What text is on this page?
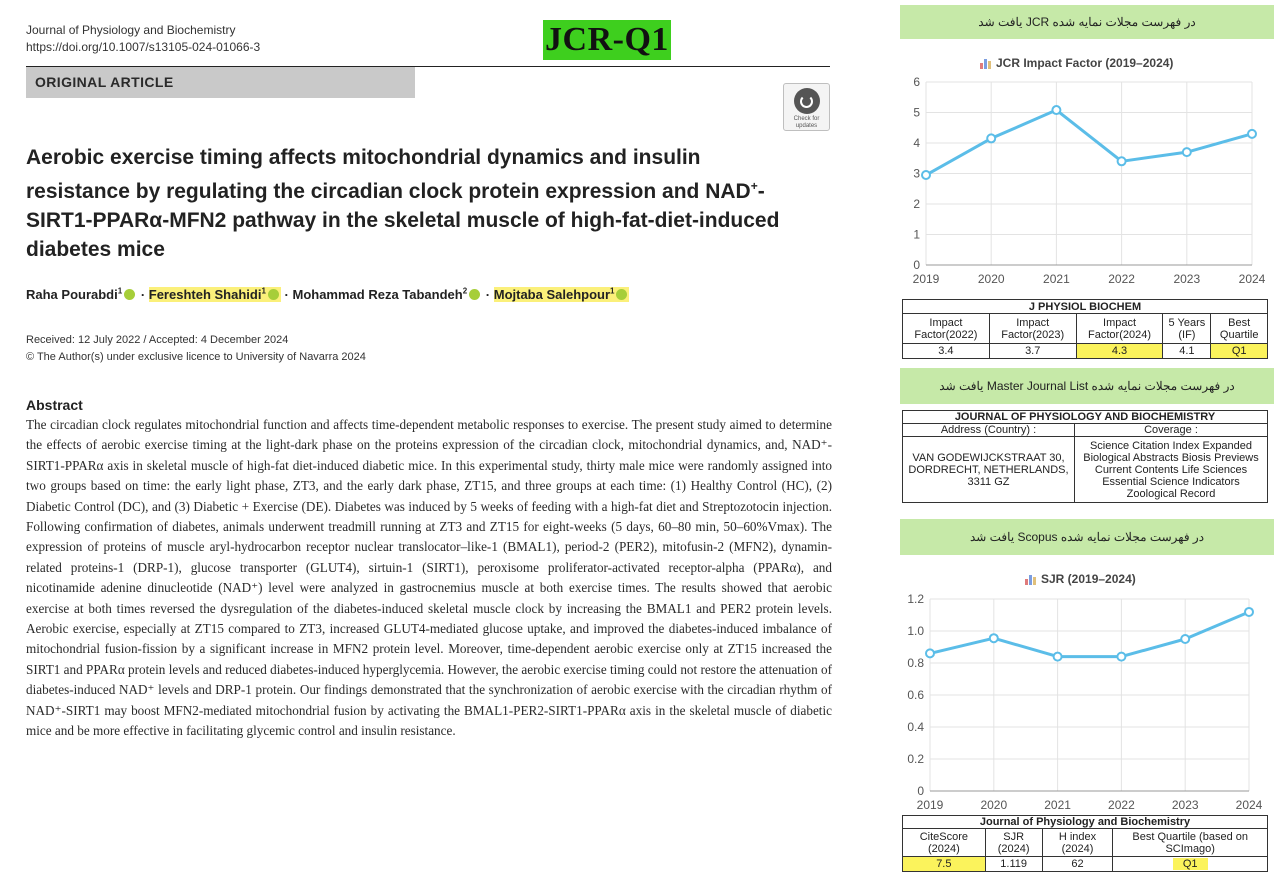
Journal of Physiology and Biochemistry
https://doi.org/10.1007/s13105-024-01066-3	JCR-Q1
ORIGINAL ARTICLE
Check for updates
Aerobic exercise timing affects mitochondrial dynamics and insulin resistance by regulating the circadian clock protein expression and NAD+-SIRT1-PPARα-MFN2 pathway in the skeletal muscle of high-fat-diet-induced diabetes mice
Raha Pourabdi$^1$ · Fereshteh Shahidi$^1$ · Mohammad Reza Tabandeh$^2$ · Mojtaba Salehpour$^1$
Received: 12 July 2022 / Accepted: 4 December 2024
© The Author(s) under exclusive licence to University of Navarra 2024
Abstract

The circadian clock regulates mitochondrial function and affects time-dependent metabolic responses to exercise. The present study aimed to determine the effects of aerobic exercise timing at the light-dark phase on the proteins expression of the circadian clock, mitochondrial dynamics, and, NAD⁺-SIRT1-PPARα axis in skeletal muscle of high-fat diet-induced diabetic mice. In this experimental study, thirty male mice were randomly assigned into two groups based on time: the early light phase, ZT3, and the early dark phase, ZT15, and three groups at each time: (1) Healthy Control (HC), (2) Diabetic Control (DC), and (3) Diabetic + Exercise (DE). Diabetes was induced by 5 weeks of feeding with a high-fat diet and Streptozotocin injection. Following confirmation of diabetes, animals underwent treadmill running at ZT3 and ZT15 for eight-weeks (5 days, 60–80 min, 50–60%Vmax). The expression of proteins of muscle aryl-hydrocarbon receptor nuclear translocator–like-1 (BMAL1), period-2 (PER2), mitofusin-2 (MFN2), dynamin-related proteins-1 (DRP-1), glucose transporter (GLUT4), sirtuin-1 (SIRT1), peroxisome proliferator-activated receptor-alpha (PPARα), and nicotinamide adenine dinucleotide (NAD⁺) level were analyzed in gastrocnemius muscle at both exercise times. The results showed that aerobic exercise at both times reversed the dysregulation of the diabetes-induced skeletal muscle clock by increasing the BMAL1 and PER2 protein levels. Aerobic exercise, especially at ZT15 compared to ZT3, increased GLUT4-mediated glucose uptake, and improved the diabetes-induced imbalance of mitochondrial fusion-fission by a significant increase in MFN2 protein level. Moreover, time-dependent aerobic exercise only at ZT15 increased the SIRT1 and PPARα protein levels and reduced diabetes-induced hyperglycemia. However, the aerobic exercise timing could not restore the attenuation of diabetes-induced NAD⁺ levels and DRP-1 protein. Our findings demonstrated that the synchronization of aerobic exercise with the circadian rhythm of NAD⁺-SIRT1 may boost MFN2-mediated mitochondrial fusion by activating the BMAL1-PER2-SIRT1-PPARα axis in the skeletal muscle of diabetic mice and be more effective in facilitating glycemic control and insulin resistance.

در فهرست مجلات نمایه شده JCR یافت شد
JCR Impact Factor (2019–2024)
0
1
2
3
4
5
6
2019	2020	2021	2022	2023	2024
J PHYSIOL BIOCHEM				
Impact Factor(2022)	Impact Factor(2023)	Impact Factor(2024)	5 Years (IF)	Best Quartile
3.4	3.7	4.3	4.1	Q1
در فهرست مجلات نمایه شده Master Journal List یافت شد
JOURNAL OF PHYSIOLOGY AND BIOCHEMISTRY	
Address (Country) :	Coverage :
VAN GODEWIJCKSTRAAT 30, DORDRECHT, NETHERLANDS, 3311 GZ	Science Citation Index Expanded Biological Abstracts Biosis Previews Current Contents Life Sciences Essential Science Indicators Zoological Record
در فهرست مجلات نمایه شده Scopus یافت شد
SJR (2019–2024)
0
0.2
0.4
0.6
0.8
1.0
1.2
2019	2020	2021	2022	2023	2024
Journal of Physiology and Biochemistry			
CiteScore (2024)	SJR (2024)	H index (2024)	Best Quartile (based on SCImago)
7.5	1.119	62	Q1
